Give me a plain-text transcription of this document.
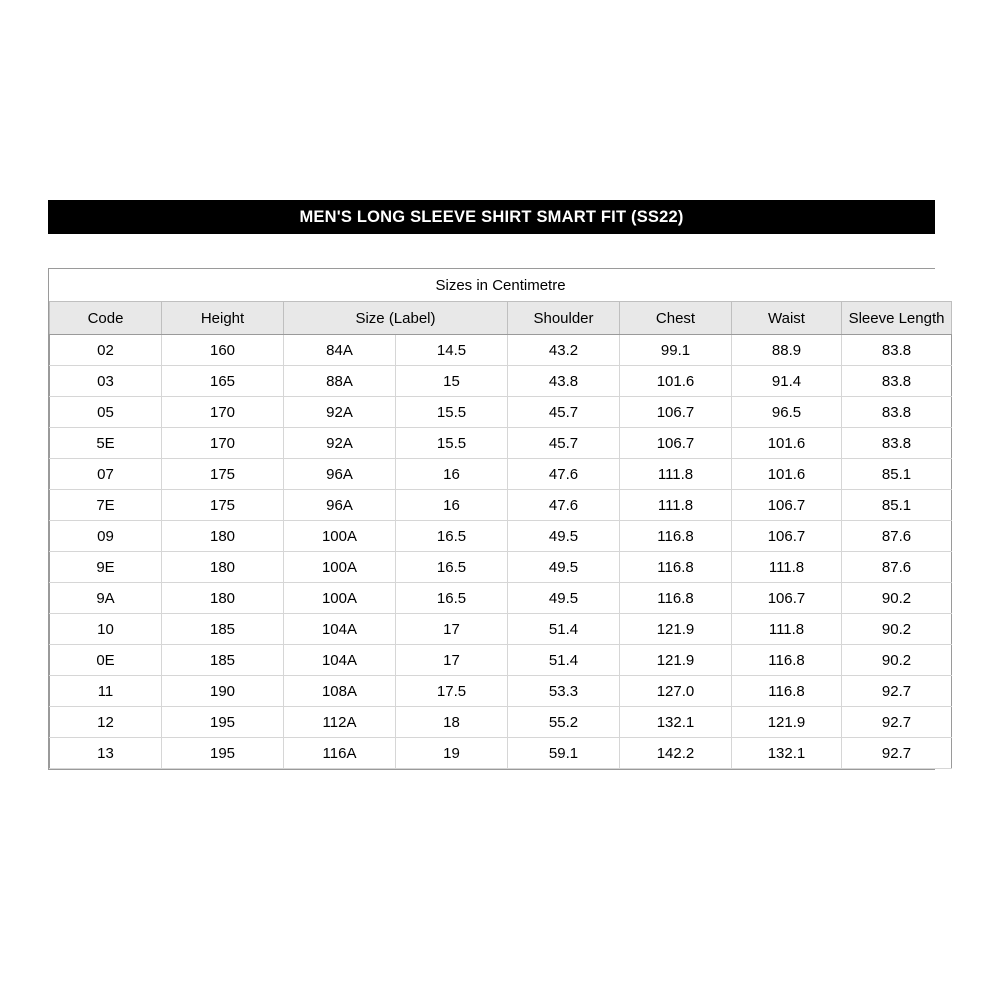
MEN'S LONG SLEEVE SHIRT SMART FIT (SS22)
Sizes in Centimetre							
Code	Height	Size (Label)		Shoulder	Chest	Waist	Sleeve Length
02	160	84A	14.5	43.2	99.1	88.9	83.8
03	165	88A	15	43.8	101.6	91.4	83.8
05	170	92A	15.5	45.7	106.7	96.5	83.8
5E	170	92A	15.5	45.7	106.7	101.6	83.8
07	175	96A	16	47.6	111.8	101.6	85.1
7E	175	96A	16	47.6	111.8	106.7	85.1
09	180	100A	16.5	49.5	116.8	106.7	87.6
9E	180	100A	16.5	49.5	116.8	111.8	87.6
9A	180	100A	16.5	49.5	116.8	106.7	90.2
10	185	104A	17	51.4	121.9	111.8	90.2
0E	185	104A	17	51.4	121.9	116.8	90.2
11	190	108A	17.5	53.3	127.0	116.8	92.7
12	195	112A	18	55.2	132.1	121.9	92.7
13	195	116A	19	59.1	142.2	132.1	92.7
